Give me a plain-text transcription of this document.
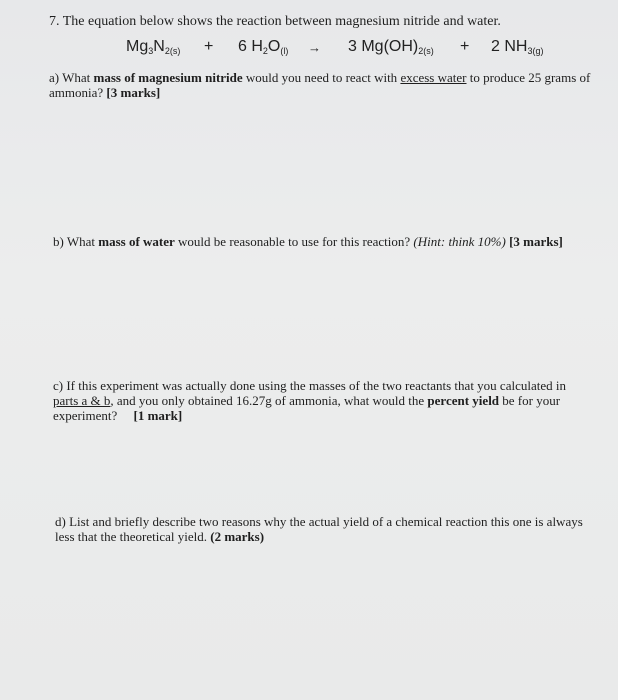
7. The equation below shows the reaction between magnesium nitride and water.
$Mg_3N_{2(s)} + 6$ $H_2O_{(l)} \to 3$ $Mg(OH)_{2(s)} + 2$ $NH_{3(g)}$

a) What mass of magnesium nitride would you need to react with excess water to produce 25 grams of ammonia? [3 marks]

b) What mass of water would be reasonable to use for this reaction? (Hint: think 10%) [3 marks]

c) If this experiment was actually done using the masses of the two reactants that you calculated in parts a & b, and you only obtained 16.27g of ammonia, what would the percent yield be for your experiment?     [1 mark]

d) List and briefly describe two reasons why the actual yield of a chemical reaction this one is always less that the theoretical yield. (2 marks)
